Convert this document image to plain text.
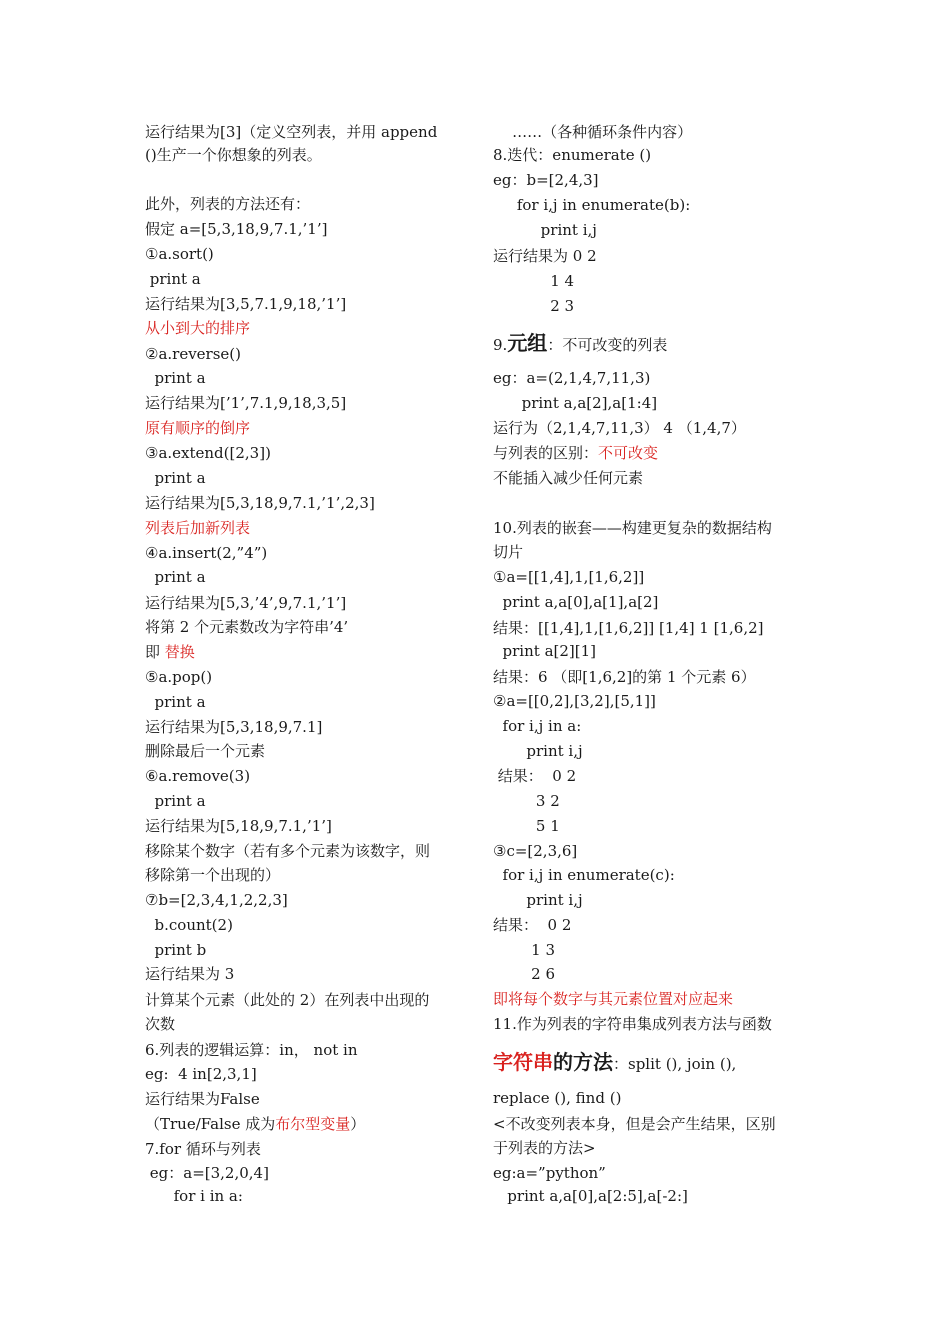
运行结果为[3]（定义空列表，并用 append
()生产一个你想象的列表。
此外，列表的方法还有：
假定 a=[5,3,18,9,7.1,’1’]
①a.sort()
print a
运行结果为[3,5,7.1,9,18,’1’]
从小到大的排序
②a.reverse()
print a
运行结果为[’1’,7.1,9,18,3,5]
原有顺序的倒序
③a.extend([2,3])
print a
运行结果为[5,3,18,9,7.1,’1’,2,3]
列表后加新列表
④a.insert(2,”4”)
print a
运行结果为[5,3,’4’,9,7.1,’1’]
将第 2 个元素数改为字符串’4’
即 替换
⑤a.pop()
print a
运行结果为[5,3,18,9,7.1]
删除最后一个元素
⑥a.remove(3)
print a
运行结果为[5,18,9,7.1,’1’]
移除某个数字（若有多个元素为该数字，则
移除第一个出现的）
⑦b=[2,3,4,1,2,2,3]
b.count(2)
print b
运行结果为 3
计算某个元素（此处的 2）在列表中出现的
次数
6.列表的逻辑运算：in， not in
eg:  4 in[2,3,1]
运行结果为False
（True/False 成为布尔型变量）
7.for 循环与列表
eg：a=[3,2,0,4]
for i in a:
……（各种循环条件内容）
8.迭代：enumerate ()
eg：b=[2,4,3]
for i,j in enumerate(b):
print i,j
运行结果为 0 2
1 4
2 3
9.元组：不可改变的列表
eg：a=(2,1,4,7,11,3)
print a,a[2],a[1:4]
运行为（2,1,4,7,11,3） 4 （1,4,7）
与列表的区别：不可改变
不能插入减少任何元素
10.列表的嵌套——构建更复杂的数据结构
切片
①a=[[1,4],1,[1,6,2]]
print a,a[0],a[1],a[2]
结果：[[1,4],1,[1,6,2]] [1,4] 1 [1,6,2]
print a[2][1]
结果：6 （即[1,6,2]的第 1 个元素 6）
②a=[[0,2],[3,2],[5,1]]
for i,j in a:
print i,j
结果：  0 2
3 2
5 1
③c=[2,3,6]
for i,j in enumerate(c):
print i,j
结果：  0 2
1 3
2 6
即将每个数字与其元素位置对应起来
11.作为列表的字符串集成列表方法与函数
字符串的方法：split (), join (),
replace (), find ()
<不改变列表本身，但是会产生结果，区别
于列表的方法>
eg:a=”python”
print a,a[0],a[2:5],a[-2:]
